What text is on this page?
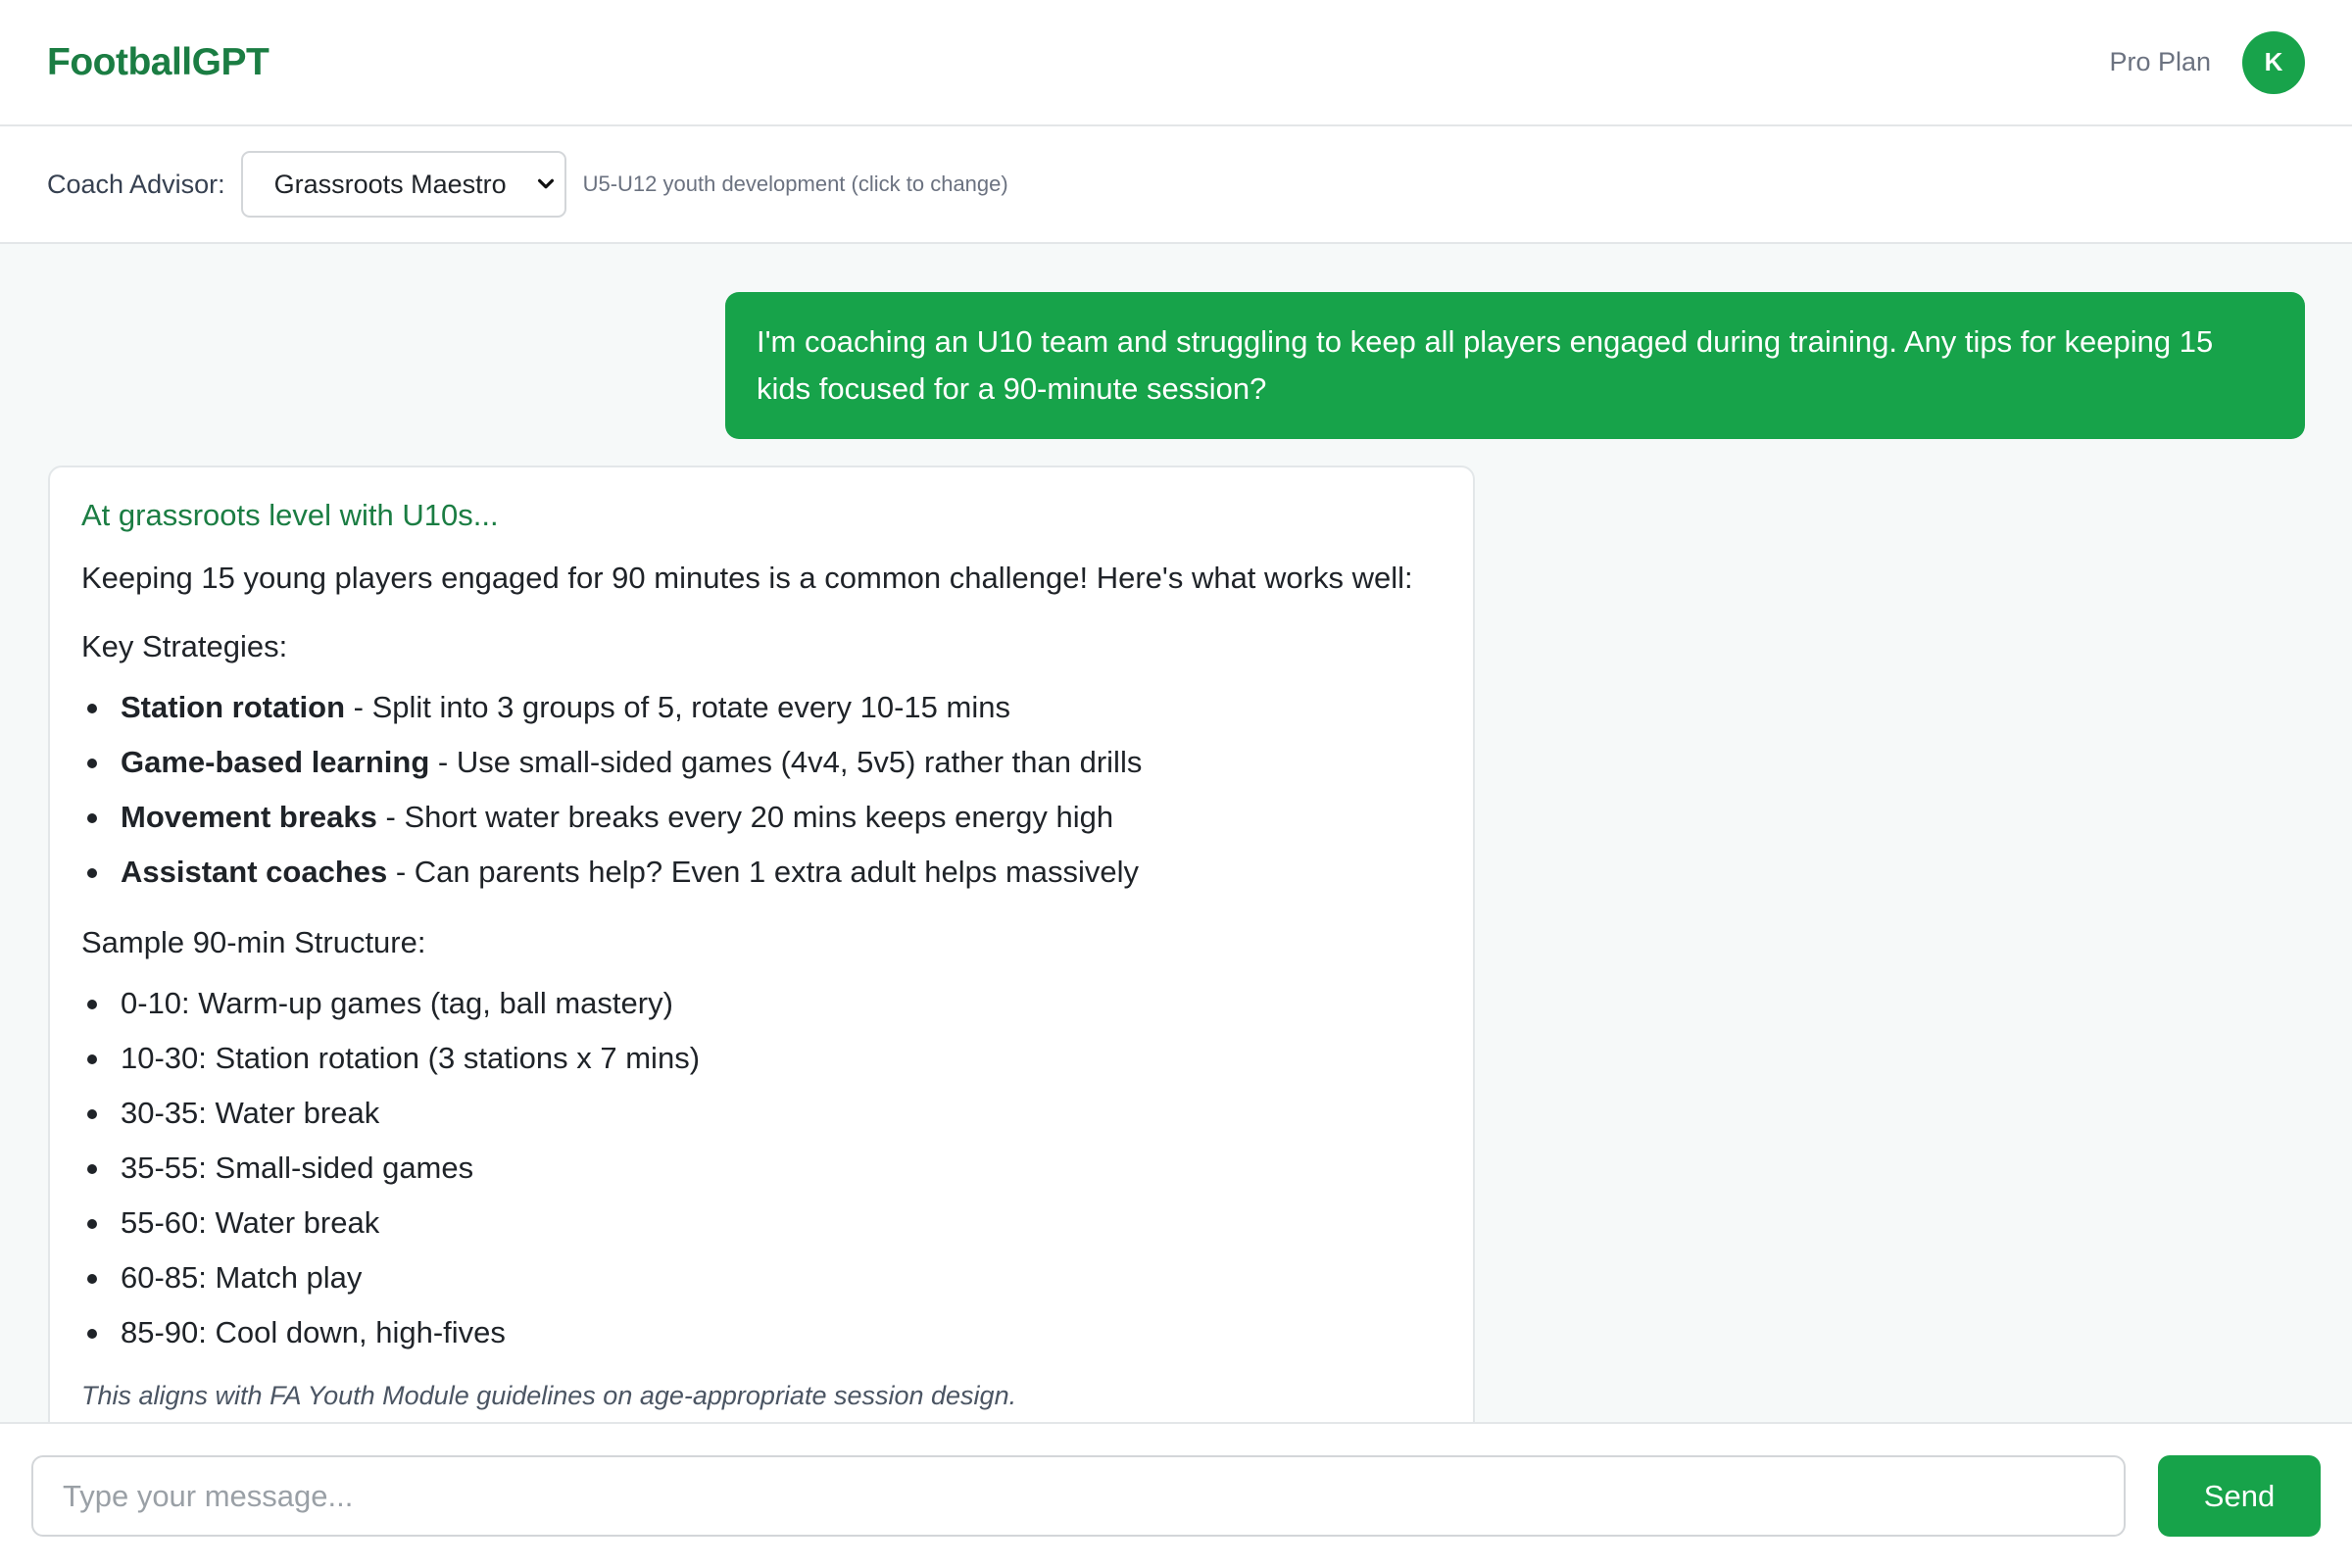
FootballGPT	Pro Plan	K
Coach Advisor: Grassroots Maestro	U5-U12 youth development (click to change)
I'm coaching an U10 team and struggling to keep all players engaged during training. Any tips for keeping 15 kids focused for a 90-minute session?
At grassroots level with U10s...

Keeping 15 young players engaged for 90 minutes is a common challenge! Here's what works well:

Key Strategies:
Station rotation - Split into 3 groups of 5, rotate every 10-15 mins
Game-based learning - Use small-sided games (4v4, 5v5) rather than drills
Movement breaks - Short water breaks every 20 mins keeps energy high
Assistant coaches - Can parents help? Even 1 extra adult helps massively
Sample 90-min Structure:
0-10: Warm-up games (tag, ball mastery)
10-30: Station rotation (3 stations x 7 mins)
30-35: Water break
35-55: Small-sided games
55-60: Water break
60-85: Match play
85-90: Cool down, high-fives

This aligns with FA Youth Module guidelines on age-appropriate session design.

Type your message...
Send
